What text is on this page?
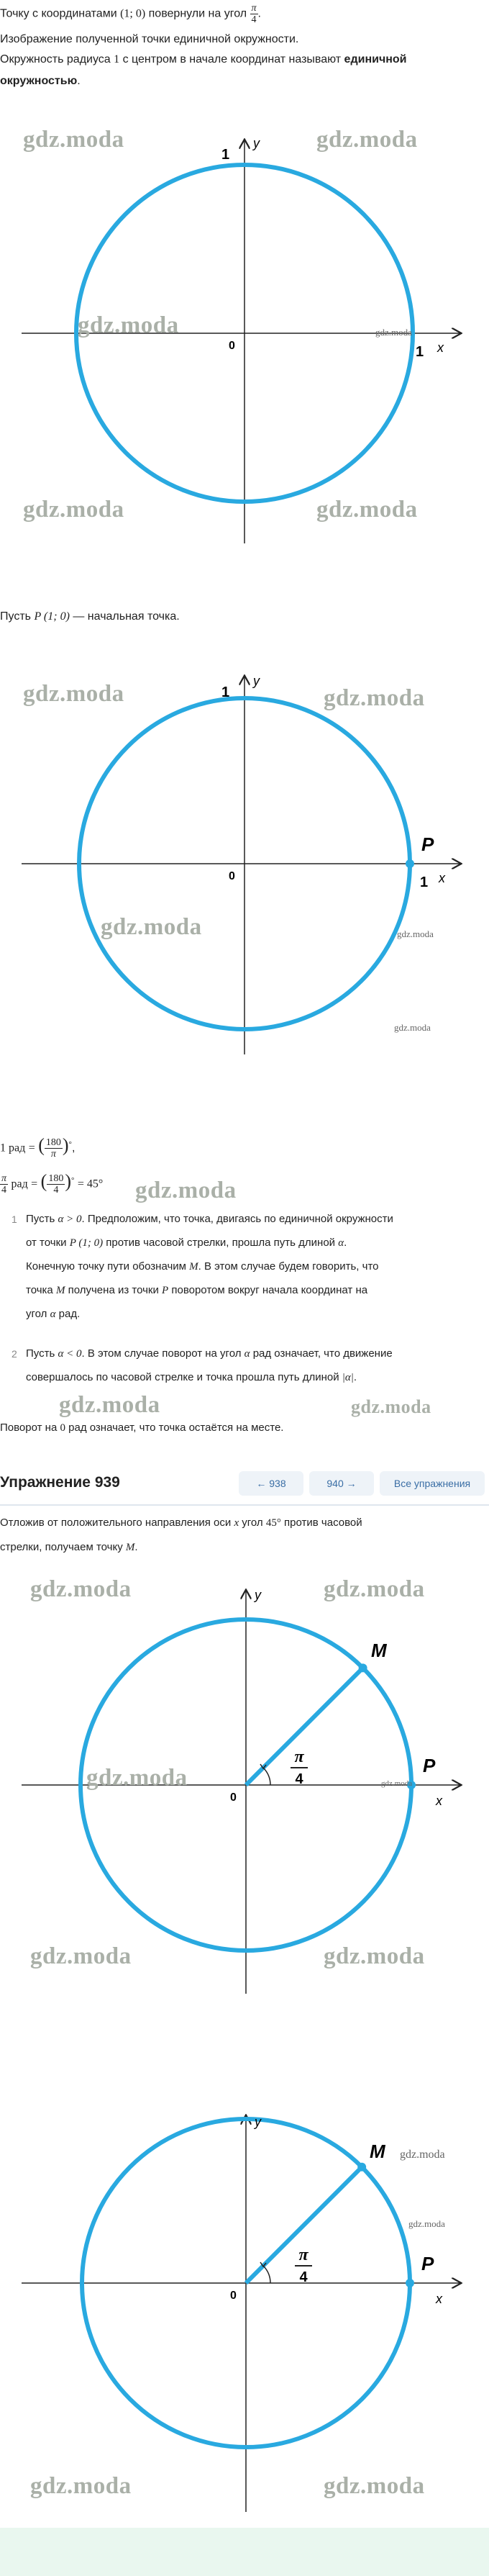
Точку с координатами (1; 0) повернули на угол $\frac{\pi}{4}$ .
Изображение полученной точки единичной окружности.
Окружность радиуса 1 с центром в начале координат называют единичной
окружностью.
1
y
1 x
0
gdz.moda	gdz.moda
gdz.moda	gdz.moda
gdz.moda	gdz.moda
Пусть P (1; 0) — начальная точка.
1
y
P
1 x
0
gdz.moda	gdz.moda
gdz.moda	gdz.moda
gdz.moda
1 рад = ( $\frac{180}{\pi} )^\circ$,
$\frac{\pi}{4}$ рад = ( $\frac{180}{4} )^\circ = 45^\circ$ gdz.moda
1 Пусть α > 0. Предположим, что точка, двигаясь по единичной окружности
от точки P (1; 0) против часовой стрелки, прошла путь длиной α.
Конечную точку пути обозначим M. В этом случае будем говорить, что
точка M получена из точки P поворотом вокруг начала координат на
угол α рад.
2 Пусть α < 0. В этом случае поворот на угол α рад означает, что движение
совершалось по часовой стрелке и точка прошла путь длиной |α|.
gdz.moda	gdz.moda
Поворот на 0 рад означает, что точка остаётся на месте.
Упражнение 939	← 938	940 →	Все упражнения
Отложив от положительного направления оси x угол 45° против часовой
стрелки, получаем точку M.
y
x
0
P
M
π
4
gdz.moda	gdz.moda
gdz.moda	gdz.moda
gdz.moda	gdz.moda
y
x
0
P
M
π
4
gdz.moda
gdz.moda
gdz.moda	gdz.moda
